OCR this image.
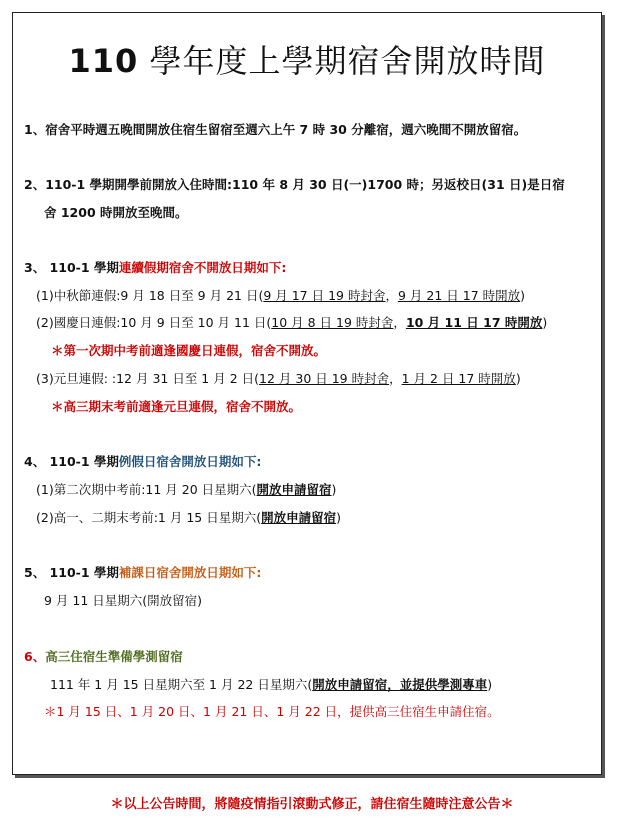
110 學年度上學期宿舍開放時間
1、宿舍平時週五晚間開放住宿生留宿至週六上午 7 時 30 分離宿，週六晚間不開放留宿。
2、110-1 學期開學前開放入住時間:110 年 8 月 30 日(一)1700 時；另返校日(31 日)是日宿
舍 1200 時開放至晚間。
3、 110-1 學期連續假期宿舍不開放日期如下:
(1)中秋節連假:9 月 18 日至 9 月 21 日(9 月 17 日 19 時封舍，9 月 21 日 17 時開放)
(2)國慶日連假:10 月 9 日至 10 月 11 日(10 月 8 日 19 時封舍，10 月 11 日 17 時開放)
＊第一次期中考前適逢國慶日連假，宿舍不開放。
(3)元旦連假: :12 月 31 日至 1 月 2 日(12 月 30 日 19 時封舍，1 月 2 日 17 時開放)
＊高三期末考前適逢元旦連假，宿舍不開放。
4、 110-1 學期例假日宿舍開放日期如下:
(1)第二次期中考前:11 月 20 日星期六(開放申請留宿)
(2)高一、二期末考前:1 月 15 日星期六(開放申請留宿)
5、 110-1 學期補課日宿舍開放日期如下:
9 月 11 日星期六(開放留宿)
6、高三住宿生準備學測留宿
111 年 1 月 15 日星期六至 1 月 22 日星期六(開放申請留宿，並提供學測專車)
＊1 月 15 日、1 月 20 日、1 月 21 日、1 月 22 日，提供高三住宿生申請住宿。
＊以上公告時間，將隨疫情指引滾動式修正，請住宿生隨時注意公告＊
